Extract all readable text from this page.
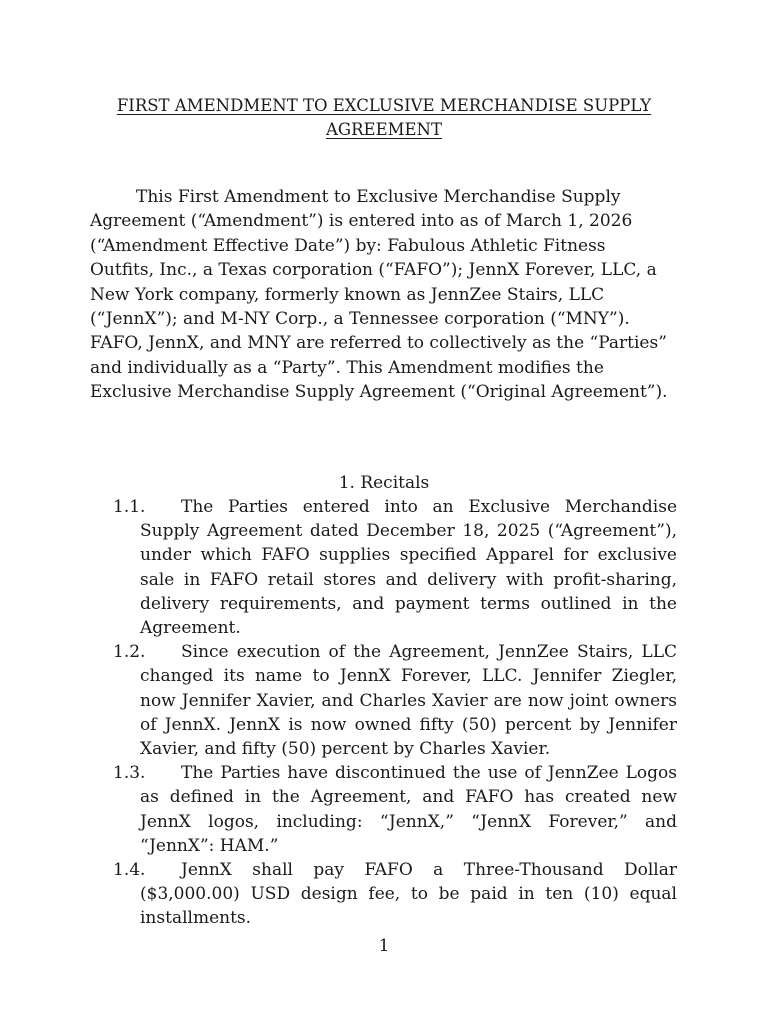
FIRST AMENDMENT TO EXCLUSIVE MERCHANDISE SUPPLY AGREEMENT

This First Amendment to Exclusive Merchandise Supply Agreement (“Amendment”) is entered into as of March 1, 2026 (“Amendment Effective Date”) by: Fabulous Athletic Fitness Outfits, Inc., a Texas corporation (“FAFO”); JennX Forever, LLC, a New York company, formerly known as JennZee Stairs, LLC (“JennX”); and M-NY Corp., a Tennessee corporation (“MNY”). FAFO, JennX, and MNY are referred to collectively as the “Parties” and individually as a “Party”. This Amendment modifies the Exclusive Merchandise Supply Agreement (“Original Agreement”).

1. Recitals

1.1.	The Parties entered into an Exclusive Merchandise Supply Agreement dated December 18, 2025 (“Agreement”), under which FAFO supplies specified Apparel for exclusive sale in FAFO retail stores and delivery with profit-sharing, delivery requirements, and payment terms outlined in the Agreement.
1.2.	Since execution of the Agreement, JennZee Stairs, LLC changed its name to JennX Forever, LLC. Jennifer Ziegler, now Jennifer Xavier, and Charles Xavier are now joint owners of JennX. JennX is now owned fifty (50) percent by Jennifer Xavier, and fifty (50) percent by Charles Xavier.
1.3.	The Parties have discontinued the use of JennZee Logos as defined in the Agreement, and FAFO has created new JennX logos, including: “JennX,” “JennX Forever,” and “JennX”: HAM.”
1.4.	JennX shall pay FAFO a Three-Thousand Dollar ($3,000.00) USD design fee, to be paid in ten (10) equal installments.
1
